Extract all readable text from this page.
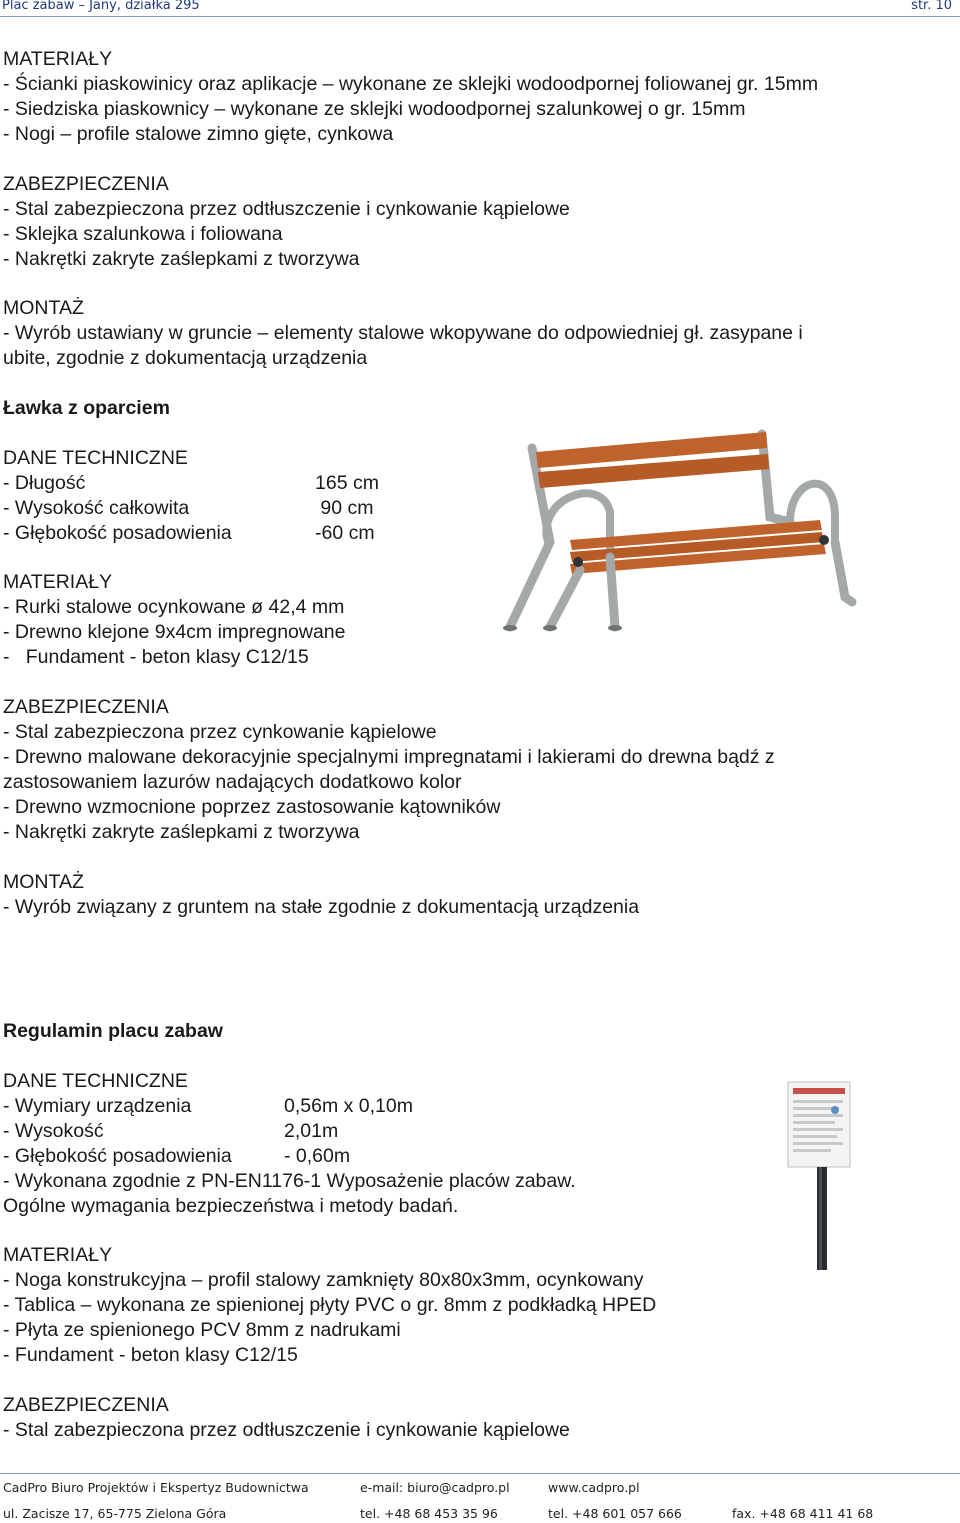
Plac zabaw – Jany, działka 295	str. 10
MATERIAŁY
- Ścianki piaskowinicy oraz aplikacje – wykonane ze sklejki wodoodpornej foliowanej gr. 15mm
- Siedziska piaskownicy – wykonane ze sklejki wodoodpornej szalunkowej o gr. 15mm
- Nogi – profile stalowe zimno gięte, cynkowa
ZABEZPIECZENIA
- Stal zabezpieczona przez odtłuszczenie i cynkowanie kąpielowe
- Sklejka szalunkowa i foliowana
- Nakrętki zakryte zaślepkami z tworzywa
MONTAŻ
- Wyrób ustawiany w gruncie – elementy stalowe wkopywane do odpowiedniej gł. zasypane i
ubite, zgodnie z dokumentacją urządzenia
Ławka z oparciem
DANE TECHNICZNE
- Długość	165 cm
- Wysokość całkowita	90 cm
- Głębokość posadowienia	-60 cm
MATERIAŁY
- Rurki stalowe ocynkowane ø 42,4 mm
- Drewno klejone 9x4cm impregnowane
-   Fundament - beton klasy C12/15
ZABEZPIECZENIA
- Stal zabezpieczona przez cynkowanie kąpielowe
- Drewno malowane dekoracyjnie specjalnymi impregnatami i lakierami do drewna bądź z
zastosowaniem lazurów nadających dodatkowo kolor
- Drewno wzmocnione poprzez zastosowanie kątowników
- Nakrętki zakryte zaślepkami z tworzywa
MONTAŻ
- Wyrób związany z gruntem na stałe zgodnie z dokumentacją urządzenia
Regulamin placu zabaw
DANE TECHNICZNE
- Wymiary urządzenia	0,56m x 0,10m
- Wysokość	2,01m
- Głębokość posadowienia	- 0,60m
- Wykonana zgodnie z PN-EN1176-1 Wyposażenie placów zabaw.
Ogólne wymagania bezpieczeństwa i metody badań.
MATERIAŁY
- Noga konstrukcyjna – profil stalowy zamknięty 80x80x3mm, ocynkowany
- Tablica – wykonana ze spienionej płyty PVC o gr. 8mm z podkładką HPED
- Płyta ze spienionego PCV 8mm z nadrukami
- Fundament - beton klasy C12/15
ZABEZPIECZENIA
- Stal zabezpieczona przez odtłuszczenie i cynkowanie kąpielowe
CadPro Biuro Projektów i Ekspertyz Budownictwa	e-mail: biuro@cadpro.pl	www.cadpro.pl
ul. Zacisze 17, 65-775 Zielona Góra	tel. +48 68 453 35 96	tel. +48 601 057 666	fax. +48 68 411 41 68
